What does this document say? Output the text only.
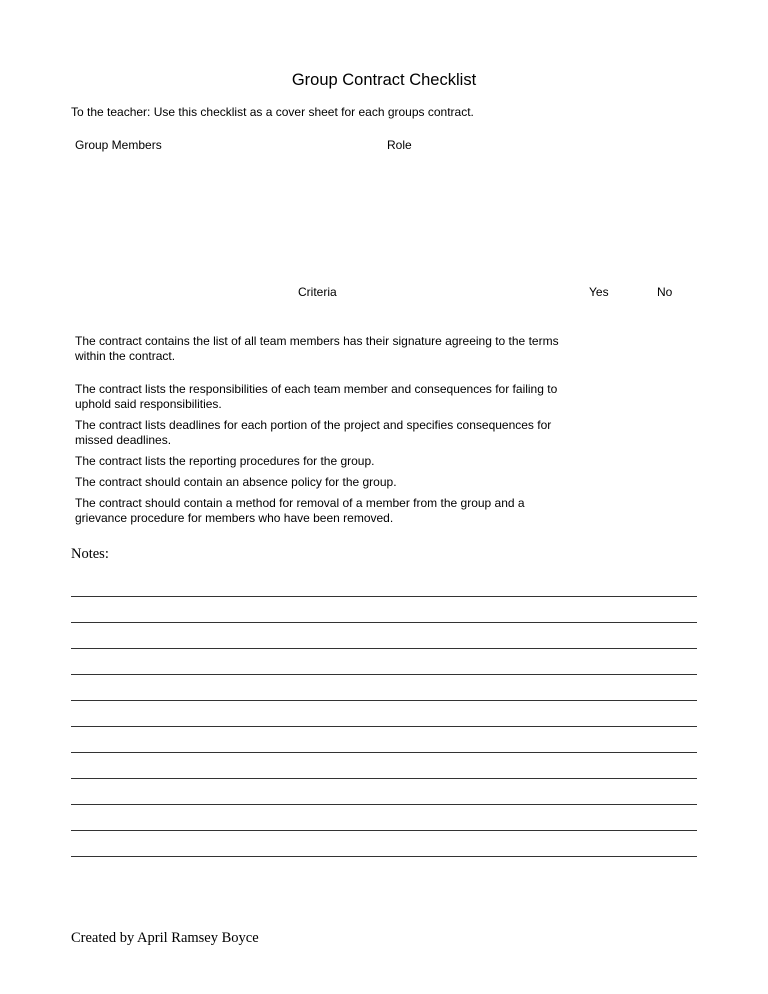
Group Contract Checklist
To the teacher: Use this checklist as a cover sheet for each groups contract.
Group Members	Role
Criteria	Yes	No
The contract contains the list of all team members has their signature agreeing to the terms within the contract.
The contract lists the responsibilities of each team member and consequences for failing to uphold said responsibilities.
The contract lists deadlines for each portion of the project and specifies consequences for missed deadlines.
The contract lists the reporting procedures for the group.
The contract should contain an absence policy for the group.
The contract should contain a method for removal of a member from the group and a grievance procedure for members who have been removed.
Notes:
Created by April Ramsey Boyce
